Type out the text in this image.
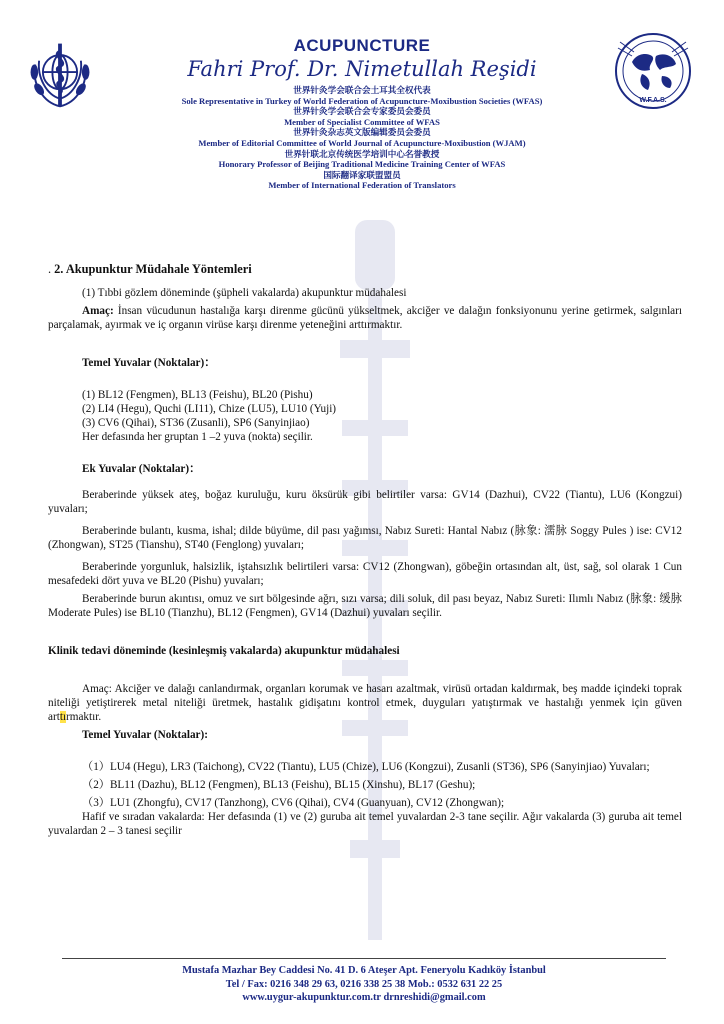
W.F.A.S.
ACUPUNCTURE
Fahri Prof. Dr. Nimetullah Reşidi
世界针灸学会联合会土耳其全权代表
Sole Representative in Turkey of World Federation of Acupuncture-Moxibustion Societies (WFAS)
世界针灸学会联合会专家委员会委员
Member of Specialist Committee of WFAS
世界针灸杂志英文版编辑委员会委员
Member of Editorial Committee of World Journal of Acupuncture-Moxibustion (WJAM)
世界针联北京传统医学培训中心名誉教授
Honorary Professor of Beijing Traditional Medicine Training Center of WFAS
国际翻译家联盟盟员
Member of International Federation of Translators

. 2. Akupunktur Müdahale Yöntemleri

(1) Tıbbi gözlem döneminde (şüpheli vakalarda) akupunktur müdahalesi

Amaç: İnsan vücudunun hastalığa karşı direnme gücünü yükseltmek, akciğer ve dalağın fonksiyonunu yerine getirmek, salgınları parçalamak, ayırmak ve iç organın virüse karşı direnme yeteneğini arttırmaktır.

Temel Yuvalar (Noktalar)：

(1) BL12 (Fengmen), BL13 (Feishu), BL20 (Pishu)

(2) LI4 (Hegu), Quchi (LI11), Chize (LU5), LU10 (Yuji)

(3) CV6 (Qihai), ST36 (Zusanli), SP6 (Sanyinjiao)

Her defasında her gruptan 1 –2 yuva (nokta) seçilir.

Ek Yuvalar (Noktalar)：

Beraberinde yüksek ateş, boğaz kuruluğu, kuru öksürük gibi belirtiler varsa: GV14 (Dazhui), CV22 (Tiantu), LU6 (Kongzui) yuvaları;

Beraberinde bulantı, kusma, ishal; dilde büyüme, dil pası yağımsı, Nabız Sureti: Hantal Nabız (脉象: 濡脉 Soggy Pules ) ise: CV12 (Zhongwan), ST25 (Tianshu), ST40 (Fenglong) yuvaları;

Beraberinde yorgunluk, halsizlik, iştahsızlık belirtileri varsa: CV12 (Zhongwan), göbeğin ortasından alt, üst, sağ, sol olarak 1 Cun mesafedeki dört yuva ve BL20 (Pishu) yuvaları;

Beraberinde burun akıntısı, omuz ve sırt bölgesinde ağrı, sızı varsa; dili soluk, dil pası beyaz, Nabız Sureti: Ilımlı Nabız (脉象: 缓脉Moderate Pules) ise BL10 (Tianzhu), BL12 (Fengmen), GV14 (Dazhui) yuvaları seçilir.

Klinik tedavi döneminde (kesinleşmiş vakalarda) akupunktur müdahalesi

Amaç: Akciğer ve dalağı canlandırmak, organları korumak ve hasarı azaltmak, virüsü ortadan kaldırmak, beş madde içindeki toprak niteliği yetiştirerek metal niteliği üretmek, hastalık gidişatını kontrol etmek, duyguları yatıştırmak ve hastalığı yenmek için güven arttırmaktır.

Temel Yuvalar (Noktalar):

（1）LU4 (Hegu), LR3 (Taichong), CV22 (Tiantu), LU5 (Chize), LU6 (Kongzui), Zusanli (ST36), SP6 (Sanyinjiao) Yuvaları;

（2）BL11 (Dazhu), BL12 (Fengmen), BL13 (Feishu), BL15 (Xinshu), BL17 (Geshu);

（3）LU1 (Zhongfu), CV17 (Tanzhong), CV6 (Qihai), CV4 (Guanyuan), CV12 (Zhongwan);

Hafif ve sıradan vakalarda: Her defasında (1) ve (2) guruba ait temel yuvalardan 2-3 tane seçilir. Ağır vakalarda (3) guruba ait temel yuvalardan 2 – 3 tanesi seçilir

Mustafa Mazhar Bey Caddesi No. 41 D. 6 Ateşer Apt. Feneryolu Kadıköy İstanbul
Tel / Fax: 0216 348 29 63, 0216 338 25 38 Mob.: 0532 631 22 25
www.uygur-akupunktur.com.tr drnreshidi@gmail.com
